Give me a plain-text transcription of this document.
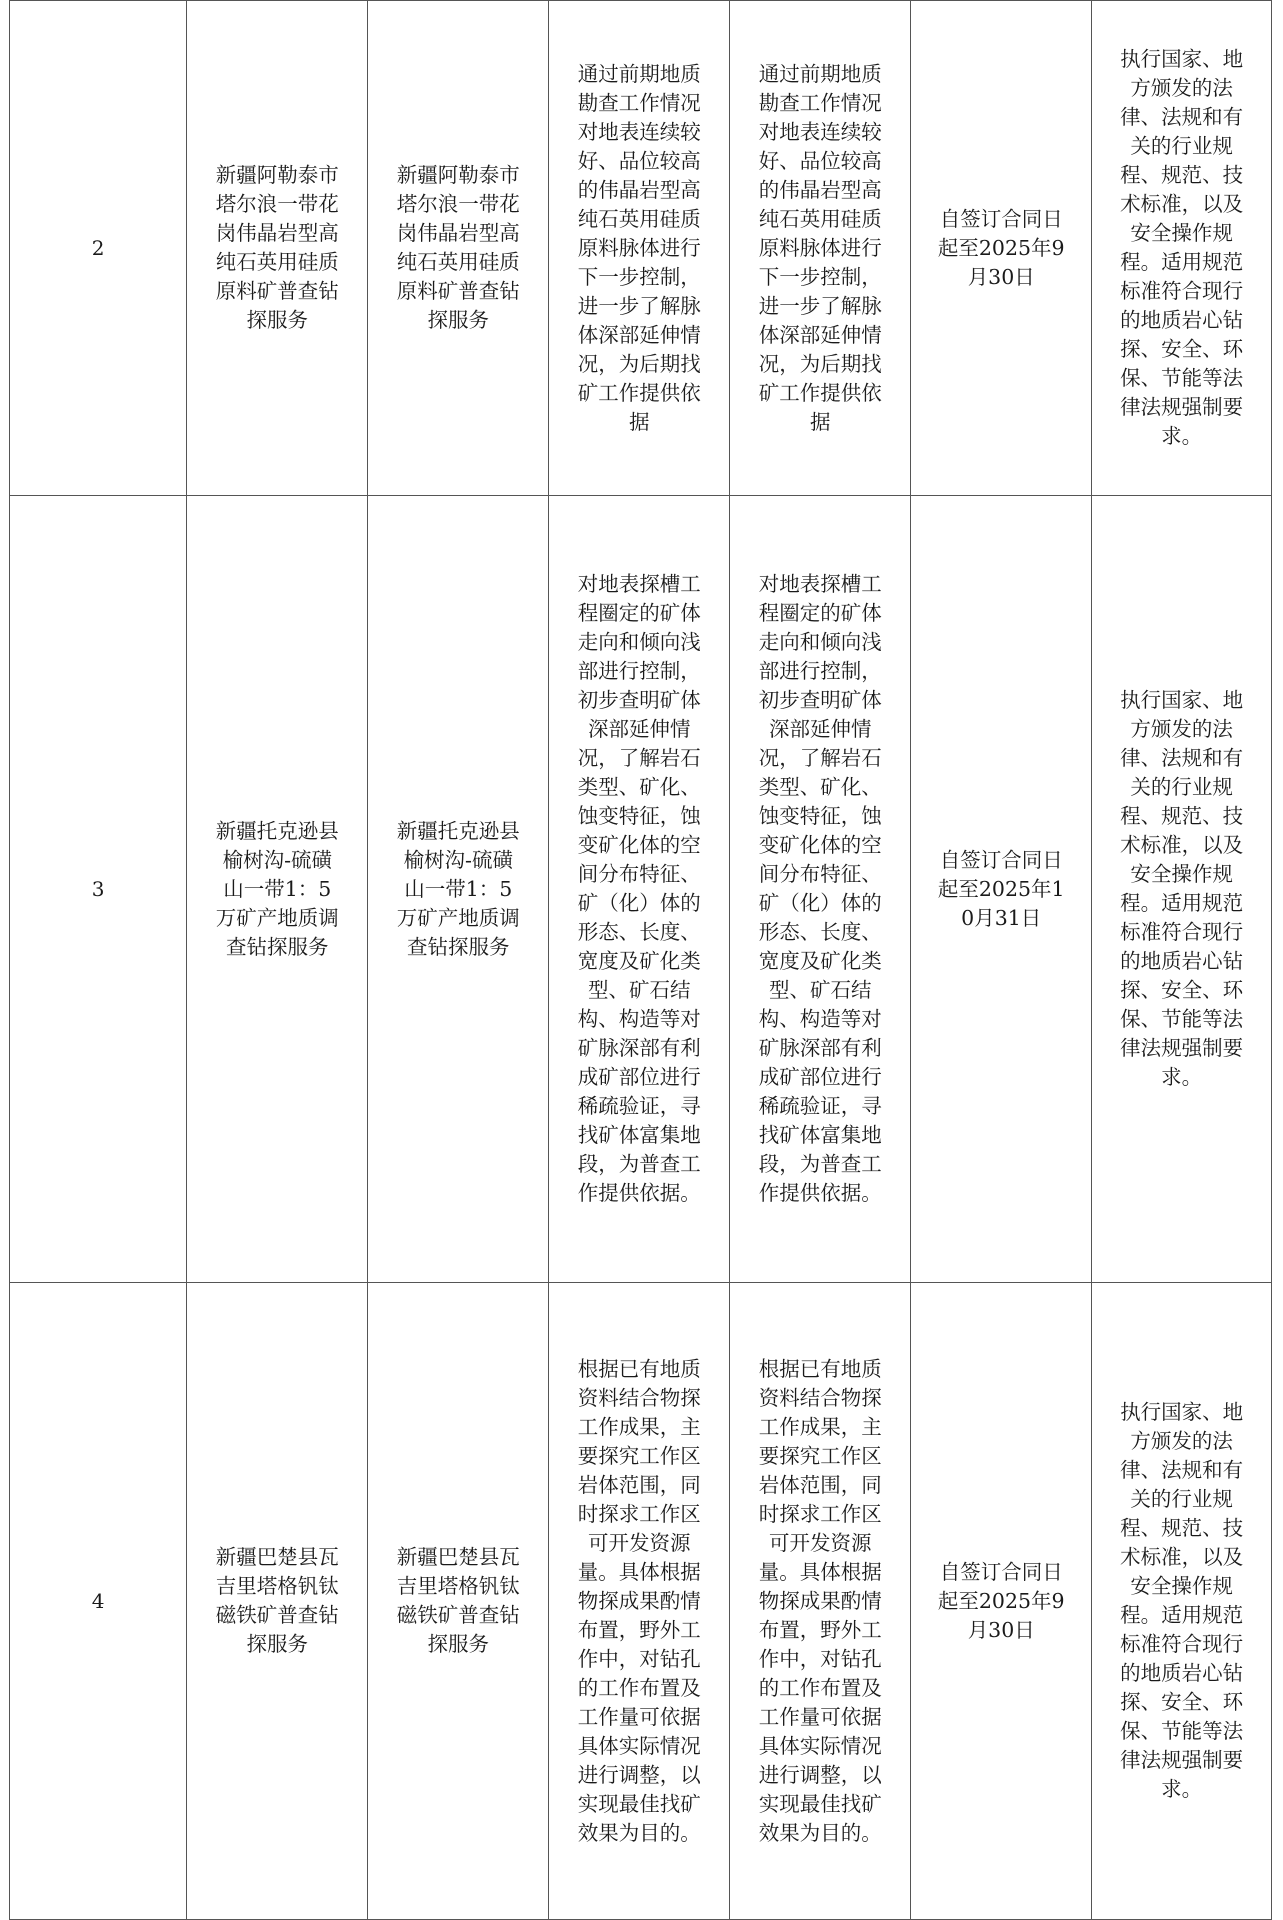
2	新疆阿勒泰市塔尔浪一带花岗伟晶岩型高纯石英用硅质原料矿普查钻探服务	新疆阿勒泰市塔尔浪一带花岗伟晶岩型高纯石英用硅质原料矿普查钻探服务	通过前期地质勘查工作情况对地表连续较好、品位较高的伟晶岩型高纯石英用硅质原料脉体进行下一步控制，进一步了解脉体深部延伸情况，为后期找矿工作提供依据	通过前期地质勘查工作情况对地表连续较好、品位较高的伟晶岩型高纯石英用硅质原料脉体进行下一步控制，进一步了解脉体深部延伸情况，为后期找矿工作提供依据	自签订合同日起至2025年9月30日	执行国家、地方颁发的法律、法规和有关的行业规程、规范、技术标准，以及安全操作规程。适用规范标准符合现行的地质岩心钻探、安全、环保、节能等法律法规强制要求。

3	新疆托克逊县榆树沟-硫磺山一带1：5万矿产地质调查钻探服务	新疆托克逊县榆树沟-硫磺山一带1：5万矿产地质调查钻探服务	对地表探槽工程圈定的矿体走向和倾向浅部进行控制，初步查明矿体深部延伸情况，了解岩石类型、矿化、蚀变特征，蚀变矿化体的空间分布特征、矿（化）体的形态、长度、宽度及矿化类型、矿石结构、构造等对矿脉深部有利成矿部位进行稀疏验证，寻找矿体富集地段，为普查工作提供依据。	对地表探槽工程圈定的矿体走向和倾向浅部进行控制，初步查明矿体深部延伸情况，了解岩石类型、矿化、蚀变特征，蚀变矿化体的空间分布特征、矿（化）体的形态、长度、宽度及矿化类型、矿石结构、构造等对矿脉深部有利成矿部位进行稀疏验证，寻找矿体富集地段，为普查工作提供依据。	自签订合同日起至2025年10月31日	执行国家、地方颁发的法律、法规和有关的行业规程、规范、技术标准，以及安全操作规程。适用规范标准符合现行的地质岩心钻探、安全、环保、节能等法律法规强制要求。

4	新疆巴楚县瓦吉里塔格钒钛磁铁矿普查钻探服务	新疆巴楚县瓦吉里塔格钒钛磁铁矿普查钻探服务	根据已有地质资料结合物探工作成果，主要探究工作区岩体范围，同时探求工作区可开发资源量。具体根据物探成果酌情布置，野外工作中，对钻孔的工作布置及工作量可依据具体实际情况进行调整，以实现最佳找矿效果为目的。	根据已有地质资料结合物探工作成果，主要探究工作区岩体范围，同时探求工作区可开发资源量。具体根据物探成果酌情布置，野外工作中，对钻孔的工作布置及工作量可依据具体实际情况进行调整，以实现最佳找矿效果为目的。	自签订合同日起至2025年9月30日	执行国家、地方颁发的法律、法规和有关的行业规程、规范、技术标准，以及安全操作规程。适用规范标准符合现行的地质岩心钻探、安全、环保、节能等法律法规强制要求。
